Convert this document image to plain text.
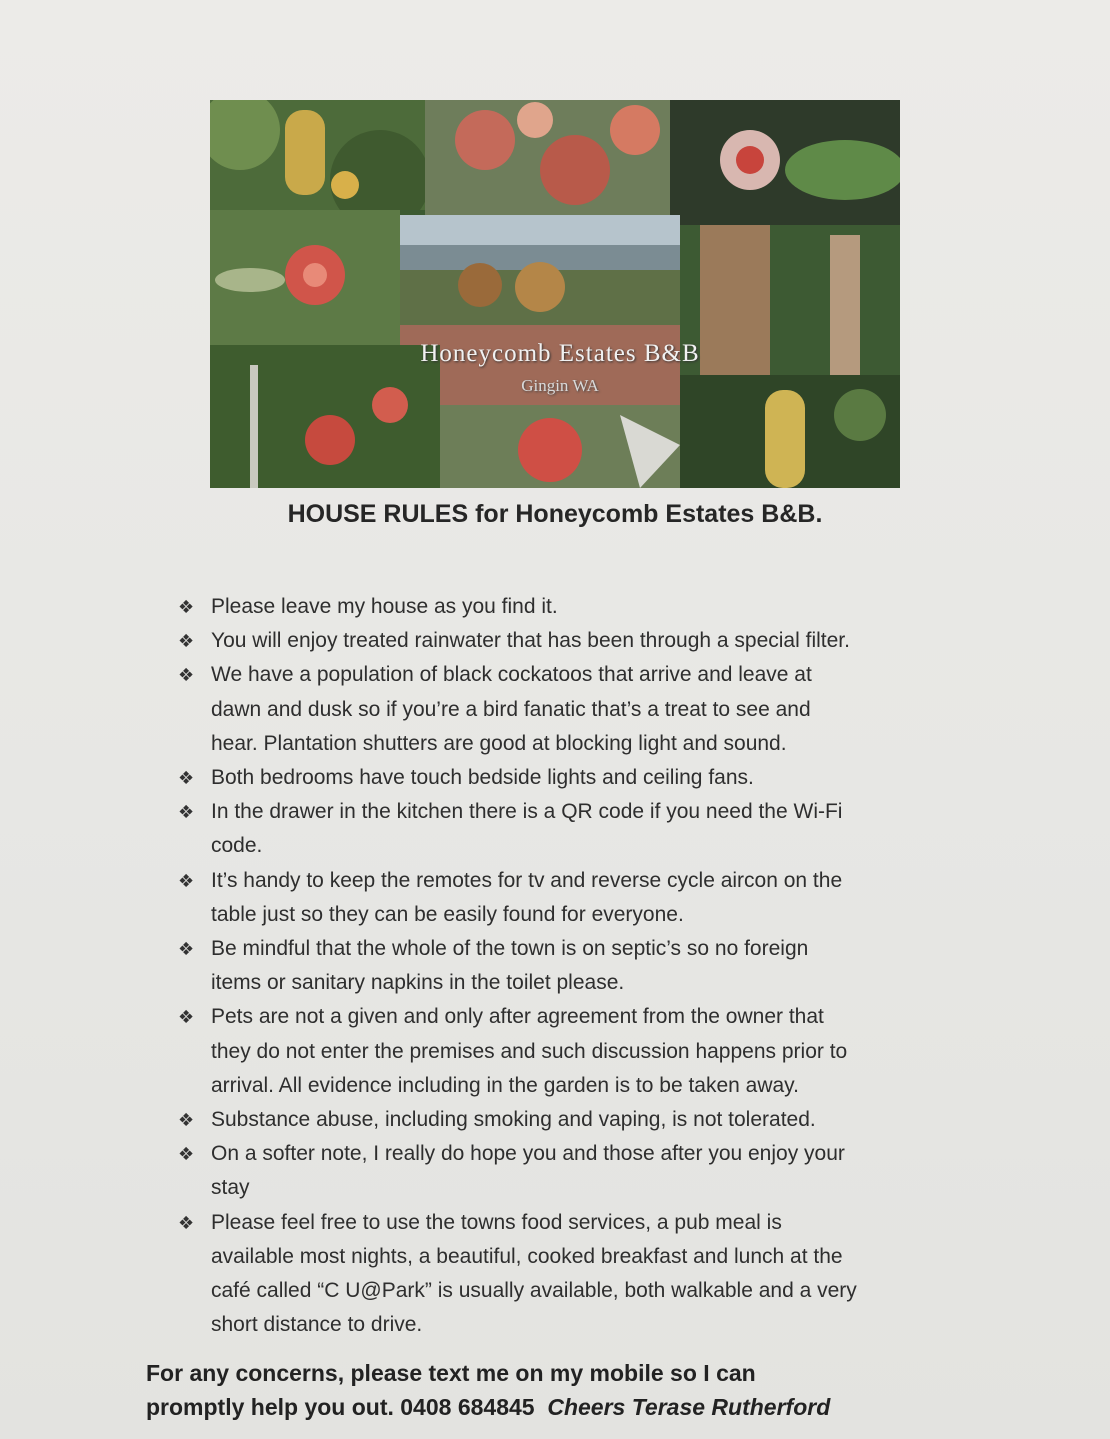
Honeycomb Estates B&B
Gingin WA
HOUSE RULES for Honeycomb Estates B&B.
❖ Please leave my house as you find it.
❖ You will enjoy treated rainwater that has been through a special filter.
❖ We have a population of black cockatoos that arrive and leave at
dawn and dusk so if you’re a bird fanatic that’s a treat to see and
hear. Plantation shutters are good at blocking light and sound.
❖ Both bedrooms have touch bedside lights and ceiling fans.
❖ In the drawer in the kitchen there is a QR code if you need the Wi-Fi
code.
❖ It’s handy to keep the remotes for tv and reverse cycle aircon on the
table just so they can be easily found for everyone.
❖ Be mindful that the whole of the town is on septic’s so no foreign
items or sanitary napkins in the toilet please.
❖ Pets are not a given and only after agreement from the owner that
they do not enter the premises and such discussion happens prior to
arrival. All evidence including in the garden is to be taken away.
❖ Substance abuse, including smoking and vaping, is not tolerated.
❖ On a softer note, I really do hope you and those after you enjoy your
stay
❖ Please feel free to use the towns food services, a pub meal is
available most nights, a beautiful, cooked breakfast and lunch at the
café called “C U@Park” is usually available, both walkable and a very
short distance to drive.
For any concerns, please text me on my mobile so I can
promptly help you out. 0408 684845 Cheers Terase Rutherford
